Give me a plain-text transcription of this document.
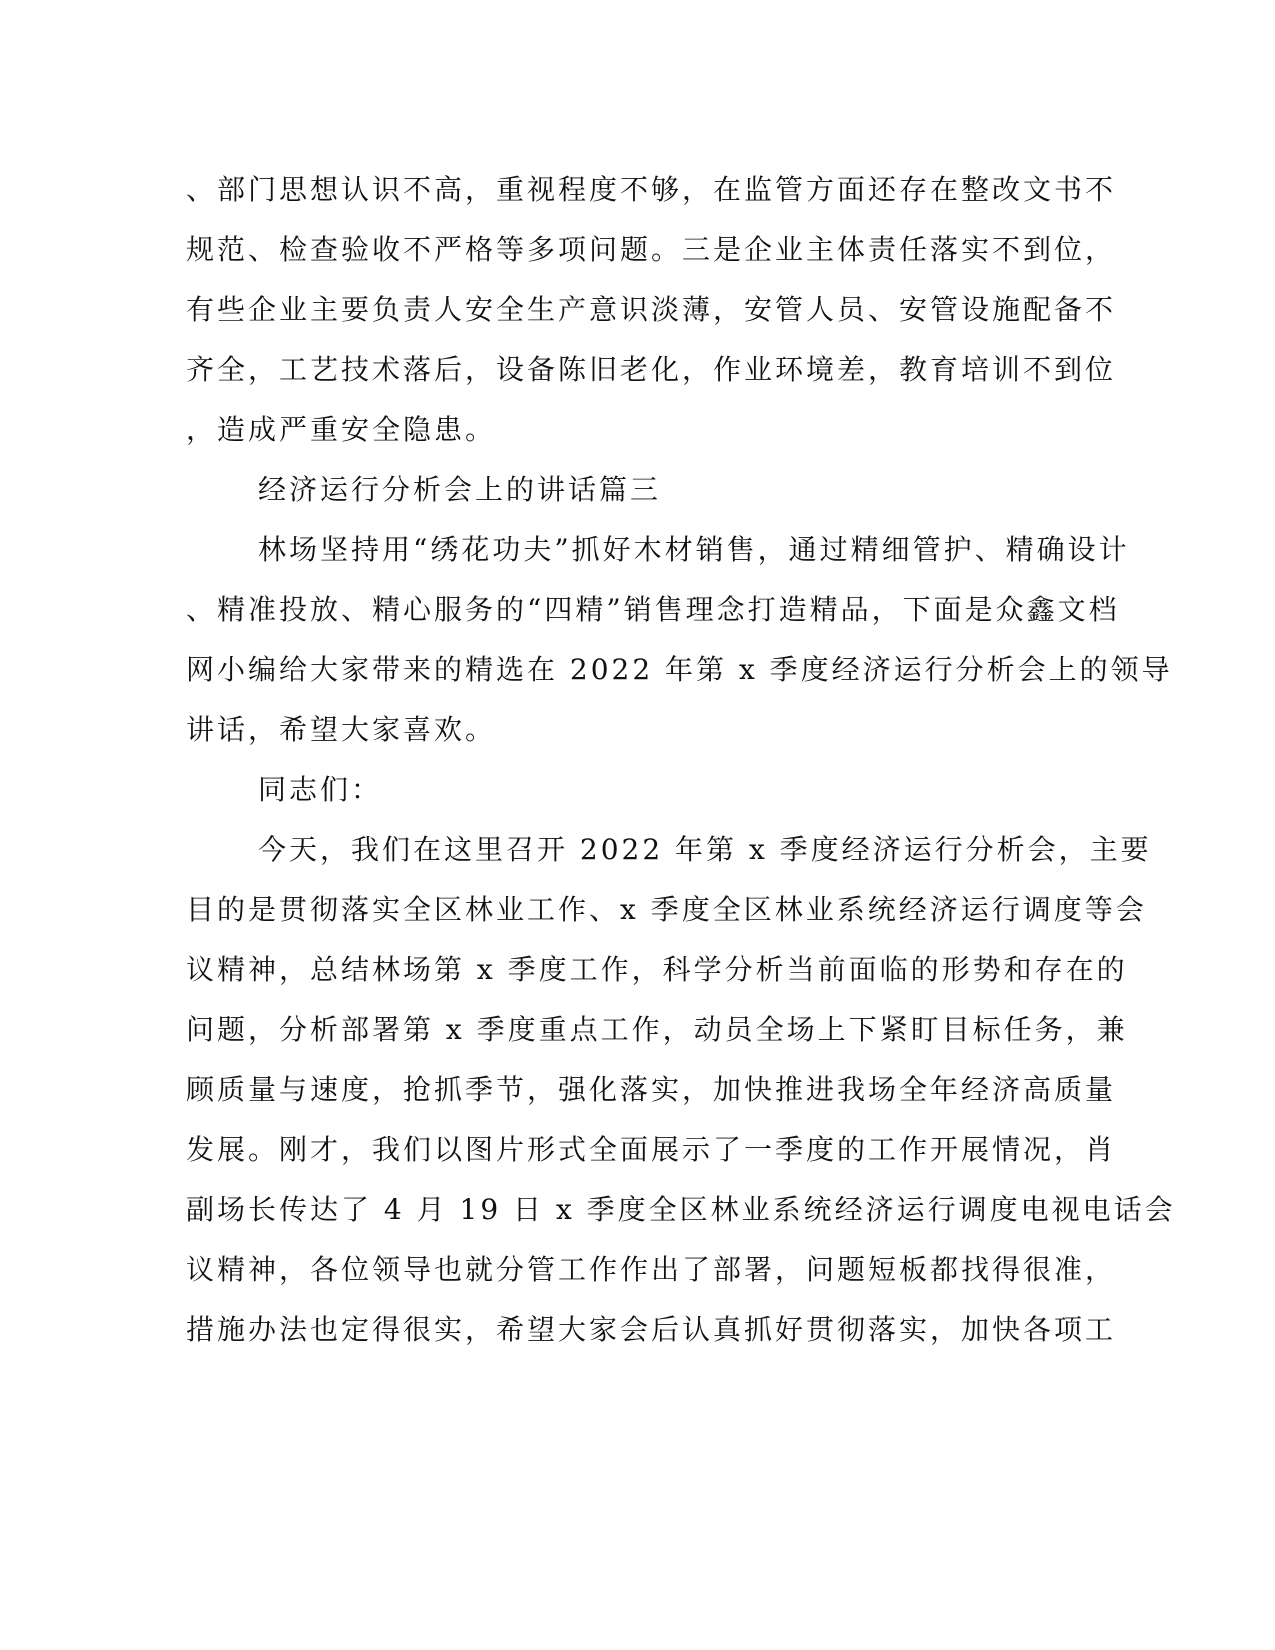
、部门思想认识不高，重视程度不够，在监管方面还存在整改文书不
规范、检查验收不严格等多项问题。三是企业主体责任落实不到位，
有些企业主要负责人安全生产意识淡薄，安管人员、安管设施配备不
齐全，工艺技术落后，设备陈旧老化，作业环境差，教育培训不到位
，造成严重安全隐患。
经济运行分析会上的讲话篇三
林场坚持用“绣花功夫”抓好木材销售，通过精细管护、精确设计
、精准投放、精心服务的“四精”销售理念打造精品，下面是众鑫文档
网小编给大家带来的精选在 2022 年第 x 季度经济运行分析会上的领导
讲话，希望大家喜欢。
同志们：
今天，我们在这里召开 2022 年第 x 季度经济运行分析会，主要
目的是贯彻落实全区林业工作、x 季度全区林业系统经济运行调度等会
议精神，总结林场第 x 季度工作，科学分析当前面临的形势和存在的
问题，分析部署第 x 季度重点工作，动员全场上下紧盯目标任务，兼
顾质量与速度，抢抓季节，强化落实，加快推进我场全年经济高质量
发展。刚才，我们以图片形式全面展示了一季度的工作开展情况，肖
副场长传达了 4 月 19 日 x 季度全区林业系统经济运行调度电视电话会
议精神，各位领导也就分管工作作出了部署，问题短板都找得很准，
措施办法也定得很实，希望大家会后认真抓好贯彻落实，加快各项工
